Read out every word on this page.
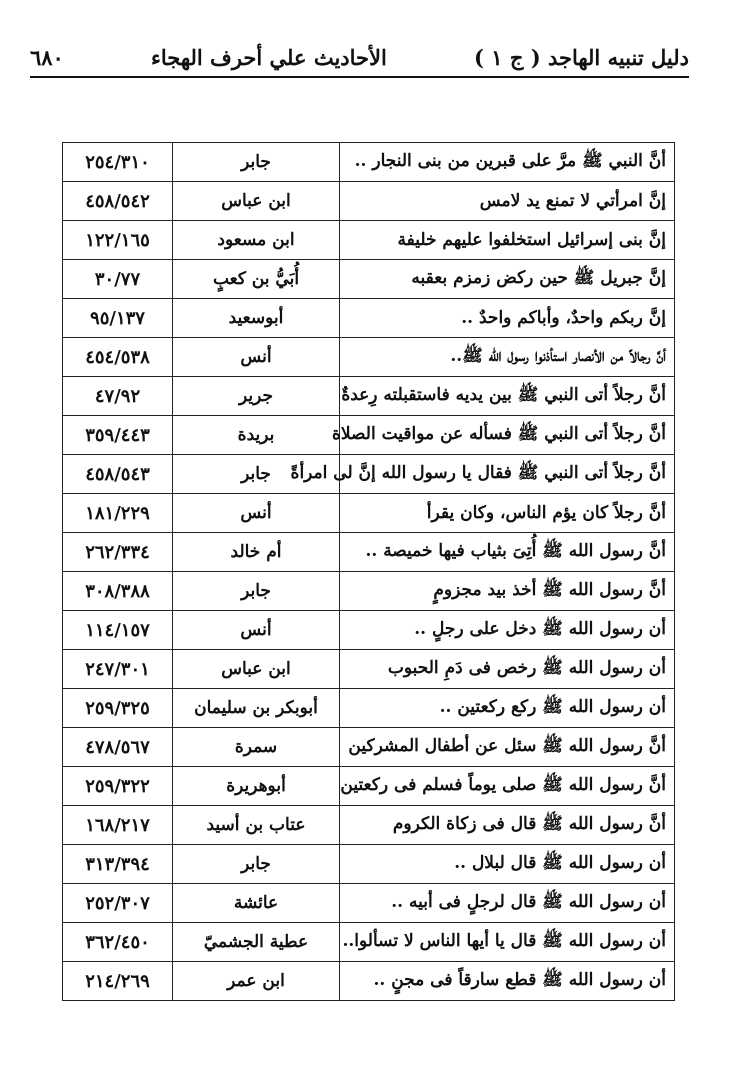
٦٨٠	الأحاديث علي أحرف الهجاء	دليل تنبيه الهاجد ( ج ١ )
أنَّ النبي ﷺ مرَّ على قبرين من بنى النجار ..	جابر	٢٥٤/٣١٠
إنَّ امرأتي لا تمنع يد لامس	ابن عباس	٤٥٨/٥٤٢
إنَّ بنى إسرائيل استخلفوا عليهم خليفة	ابن مسعود	١٢٢/١٦٥
إنَّ جبريل ﷺ حين ركض زمزم بعقبه	أُبَيُّ بن كعبٍ	٣٠/٧٧
إنَّ ربكم واحدٌ، وأباكم واحدٌ ..	أبوسعيد	٩٥/١٣٧
أنَّ رجالاً من الأنصار استأذنوا رسول الله ﷺ..	أنس	٤٥٤/٥٣٨
أنَّ رجلاً أتى النبي ﷺ بين يديه فاستقبلته رِعدةٌ	جرير	٤٧/٩٢
أنَّ رجلاً أتى النبي ﷺ فسأله عن مواقيت الصلاة	بريدة	٣٥٩/٤٤٣
أنَّ رجلاً أتى النبي ﷺ فقال يا رسول الله إنَّ لى امرأةً	جابر	٤٥٨/٥٤٣
أنَّ رجلاً كان يؤم الناس، وكان يقرأ	أنس	١٨١/٢٢٩
أنَّ رسول الله ﷺ أُتِىَ بثياب فيها خميصة ..	أم خالد	٢٦٢/٣٣٤
أنَّ رسول الله ﷺ أخذ بيد مجزومٍ	جابر	٣٠٨/٣٨٨
أن رسول الله ﷺ دخل على رجلٍ ..	أنس	١١٤/١٥٧
أن رسول الله ﷺ رخص فى دَمِ الحبوب	ابن عباس	٢٤٧/٣٠١
أن رسول الله ﷺ ركع ركعتين ..	أبوبكر بن سليمان	٢٥٩/٣٢٥
أنَّ رسول الله ﷺ سئل عن أطفال المشركين	سمرة	٤٧٨/٥٦٧
أنَّ رسول الله ﷺ صلى يوماً فسلم فى ركعتين	أبوهريرة	٢٥٩/٣٢٢
أنَّ رسول الله ﷺ قال فى زكاة الكروم	عتاب بن أسيد	١٦٨/٢١٧
أن رسول الله ﷺ قال لبلال ..	جابر	٣١٣/٣٩٤
أن رسول الله ﷺ قال لرجلٍ فى أبيه ..	عائشة	٢٥٢/٣٠٧
أن رسول الله ﷺ قال يا أيها الناس لا تسألوا..	عطية الجشميّ	٣٦٢/٤٥٠
أن رسول الله ﷺ قطع سارقاً فى مجنٍ ..	ابن عمر	٢١٤/٢٦٩
